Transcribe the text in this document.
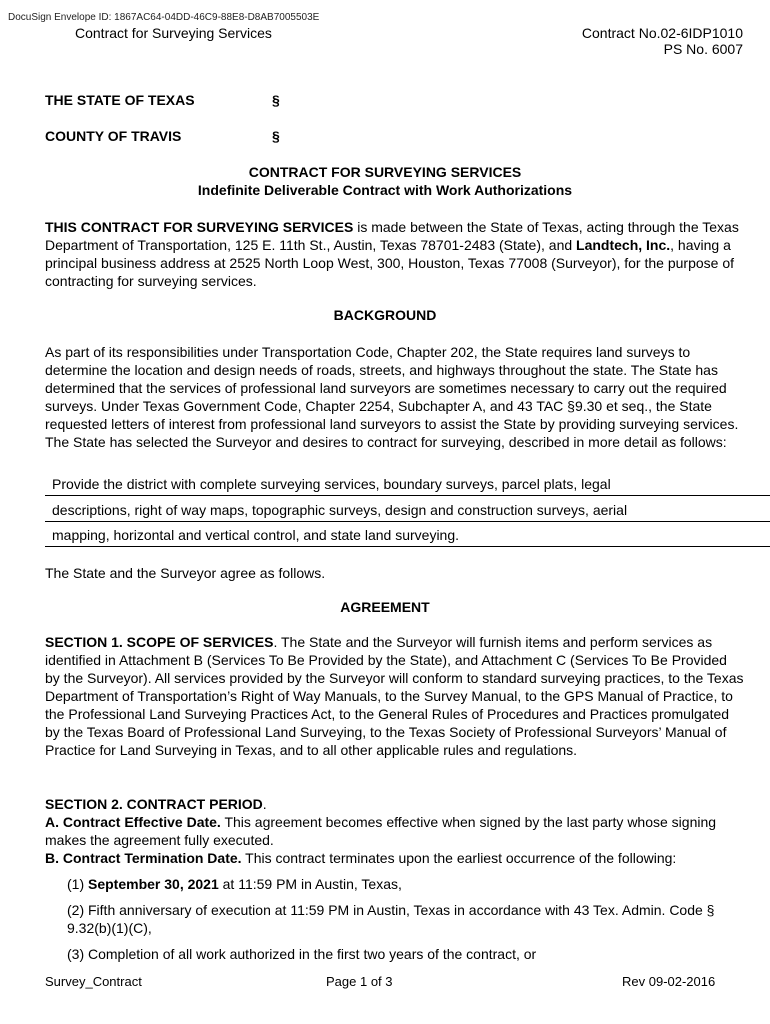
DocuSign Envelope ID: 1867AC64-04DD-46C9-88E8-D8AB7005503E
Contract for Surveying Services	Contract No.02-6IDP1010
PS No. 6007
THE STATE OF TEXAS	§
COUNTY OF TRAVIS	§
CONTRACT FOR SURVEYING SERVICES
Indefinite Deliverable Contract with Work Authorizations
THIS CONTRACT FOR SURVEYING SERVICES is made between the State of Texas, acting through the Texas Department of Transportation, 125 E. 11th St., Austin, Texas 78701-2483 (State), and Landtech, Inc., having a principal business address at 2525 North Loop West, 300, Houston, Texas 77008 (Surveyor), for the purpose of contracting for surveying services.
BACKGROUND
As part of its responsibilities under Transportation Code, Chapter 202, the State requires land surveys to determine the location and design needs of roads, streets, and highways throughout the state. The State has determined that the services of professional land surveyors are sometimes necessary to carry out the required surveys. Under Texas Government Code, Chapter 2254, Subchapter A, and 43 TAC §9.30 et seq., the State requested letters of interest from professional land surveyors to assist the State by providing surveying services. The State has selected the Surveyor and desires to contract for surveying, described in more detail as follows:
Provide the district with complete surveying services, boundary surveys, parcel plats, legal
descriptions, right of way maps, topographic surveys, design and construction surveys, aerial
mapping, horizontal and vertical control, and state land surveying.
The State and the Surveyor agree as follows.
AGREEMENT
SECTION 1. SCOPE OF SERVICES. The State and the Surveyor will furnish items and perform services as identified in Attachment B (Services To Be Provided by the State), and Attachment C (Services To Be Provided by the Surveyor). All services provided by the Surveyor will conform to standard surveying practices, to the Texas Department of Transportation’s Right of Way Manuals, to the Survey Manual, to the GPS Manual of Practice, to the Professional Land Surveying Practices Act, to the General Rules of Procedures and Practices promulgated by the Texas Board of Professional Land Surveying, to the Texas Society of Professional Surveyors’ Manual of Practice for Land Surveying in Texas, and to all other applicable rules and regulations.
SECTION 2. CONTRACT PERIOD.
A. Contract Effective Date. This agreement becomes effective when signed by the last party whose signing makes the agreement fully executed.
B. Contract Termination Date. This contract terminates upon the earliest occurrence of the following:
(1) September 30, 2021 at 11:59 PM in Austin, Texas,
(2) Fifth anniversary of execution at 11:59 PM in Austin, Texas in accordance with 43 Tex. Admin. Code § 9.32(b)(1)(C),
(3) Completion of all work authorized in the first two years of the contract, or
Survey_Contract	Page 1 of 3	Rev 09-02-2016
